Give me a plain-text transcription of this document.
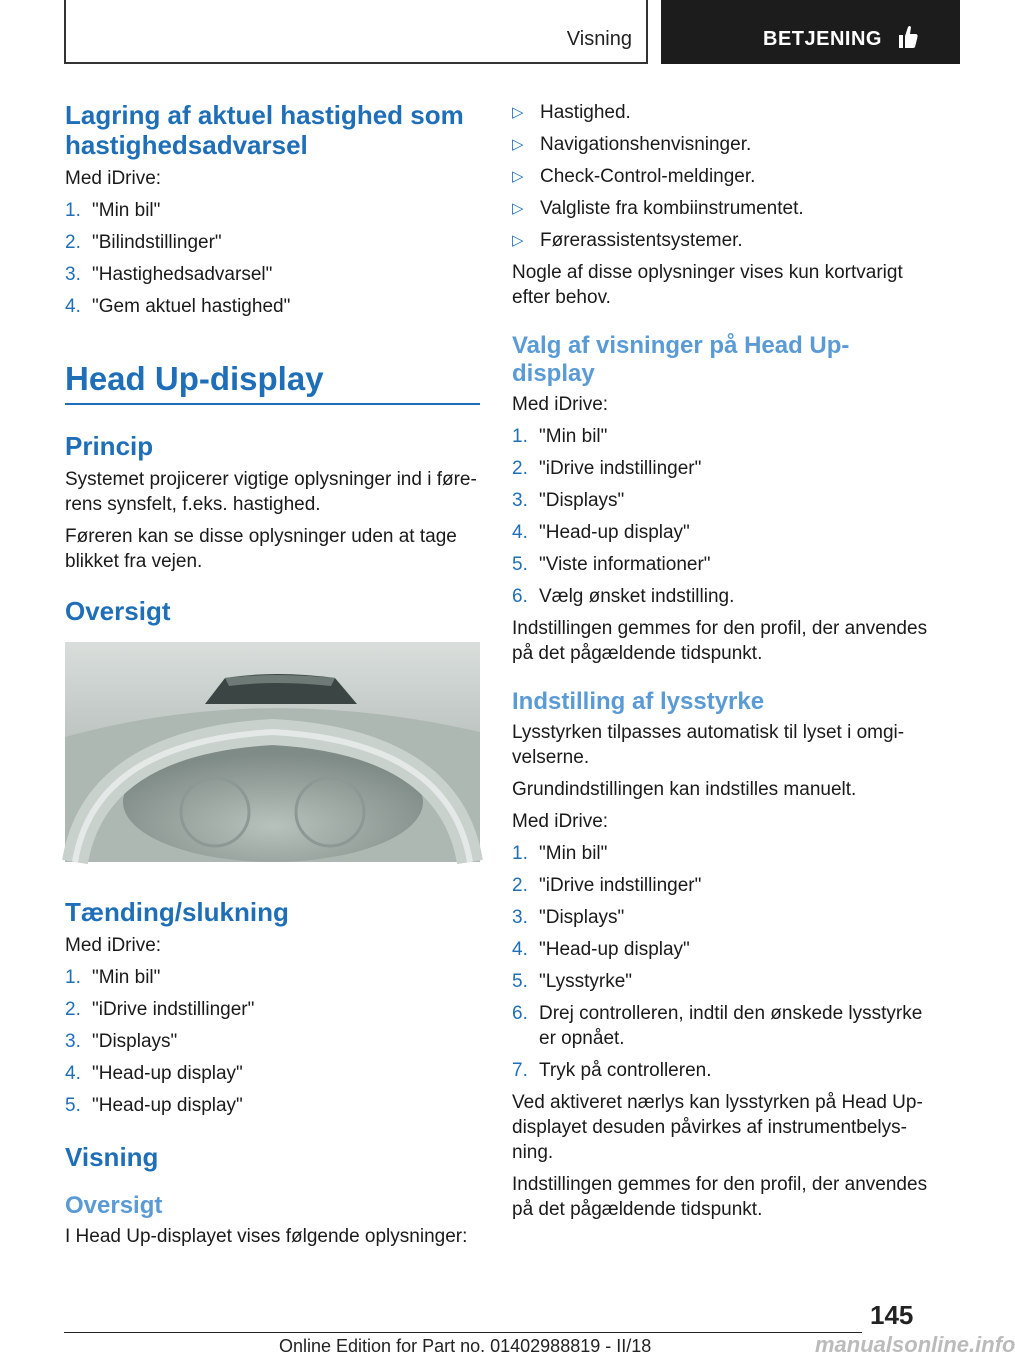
Visning	BETJENING
Lagring af aktuel hastighed som hastighedsadvarsel
Med iDrive:
1. "Min bil"
2. "Bilindstillinger"
3. "Hastighedsadvarsel"
4. "Gem aktuel hastighed"
Head Up-display
Princip
Systemet projicerer vigtige oplysninger ind i førerens synsfelt, f.eks. hastighed.
Føreren kan se disse oplysninger uden at tage blikket fra vejen.
Oversigt
Tænding/slukning
Med iDrive:
1. "Min bil"
2. "iDrive indstillinger"
3. "Displays"
4. "Head-up display"
5. "Head-up display"
Visning
Oversigt
I Head Up-displayet vises følgende oplysninger:
▷ Hastighed.
▷ Navigationshenvisninger.
▷ Check-Control-meldinger.
▷ Valgliste fra kombiinstrumentet.
▷ Førerassistentsystemer.
Nogle af disse oplysninger vises kun kortvarigt efter behov.
Valg af visninger på Head Up-display
Med iDrive:
1. "Min bil"
2. "iDrive indstillinger"
3. "Displays"
4. "Head-up display"
5. "Viste informationer"
6. Vælg ønsket indstilling.
Indstillingen gemmes for den profil, der anvendes på det pågældende tidspunkt.
Indstilling af lysstyrke
Lysstyrken tilpasses automatisk til lyset i omgivelserne.
Grundindstillingen kan indstilles manuelt.
Med iDrive:
1. "Min bil"
2. "iDrive indstillinger"
3. "Displays"
4. "Head-up display"
5. "Lysstyrke"
6. Drej controlleren, indtil den ønskede lysstyrke er opnået.
7. Tryk på controlleren.
Ved aktiveret nærlys kan lysstyrken på Head Up-displayet desuden påvirkes af instrumentbelysning.
Indstillingen gemmes for den profil, der anvendes på det pågældende tidspunkt.
145
Online Edition for Part no. 01402988819 - II/18	manualsonline.info
